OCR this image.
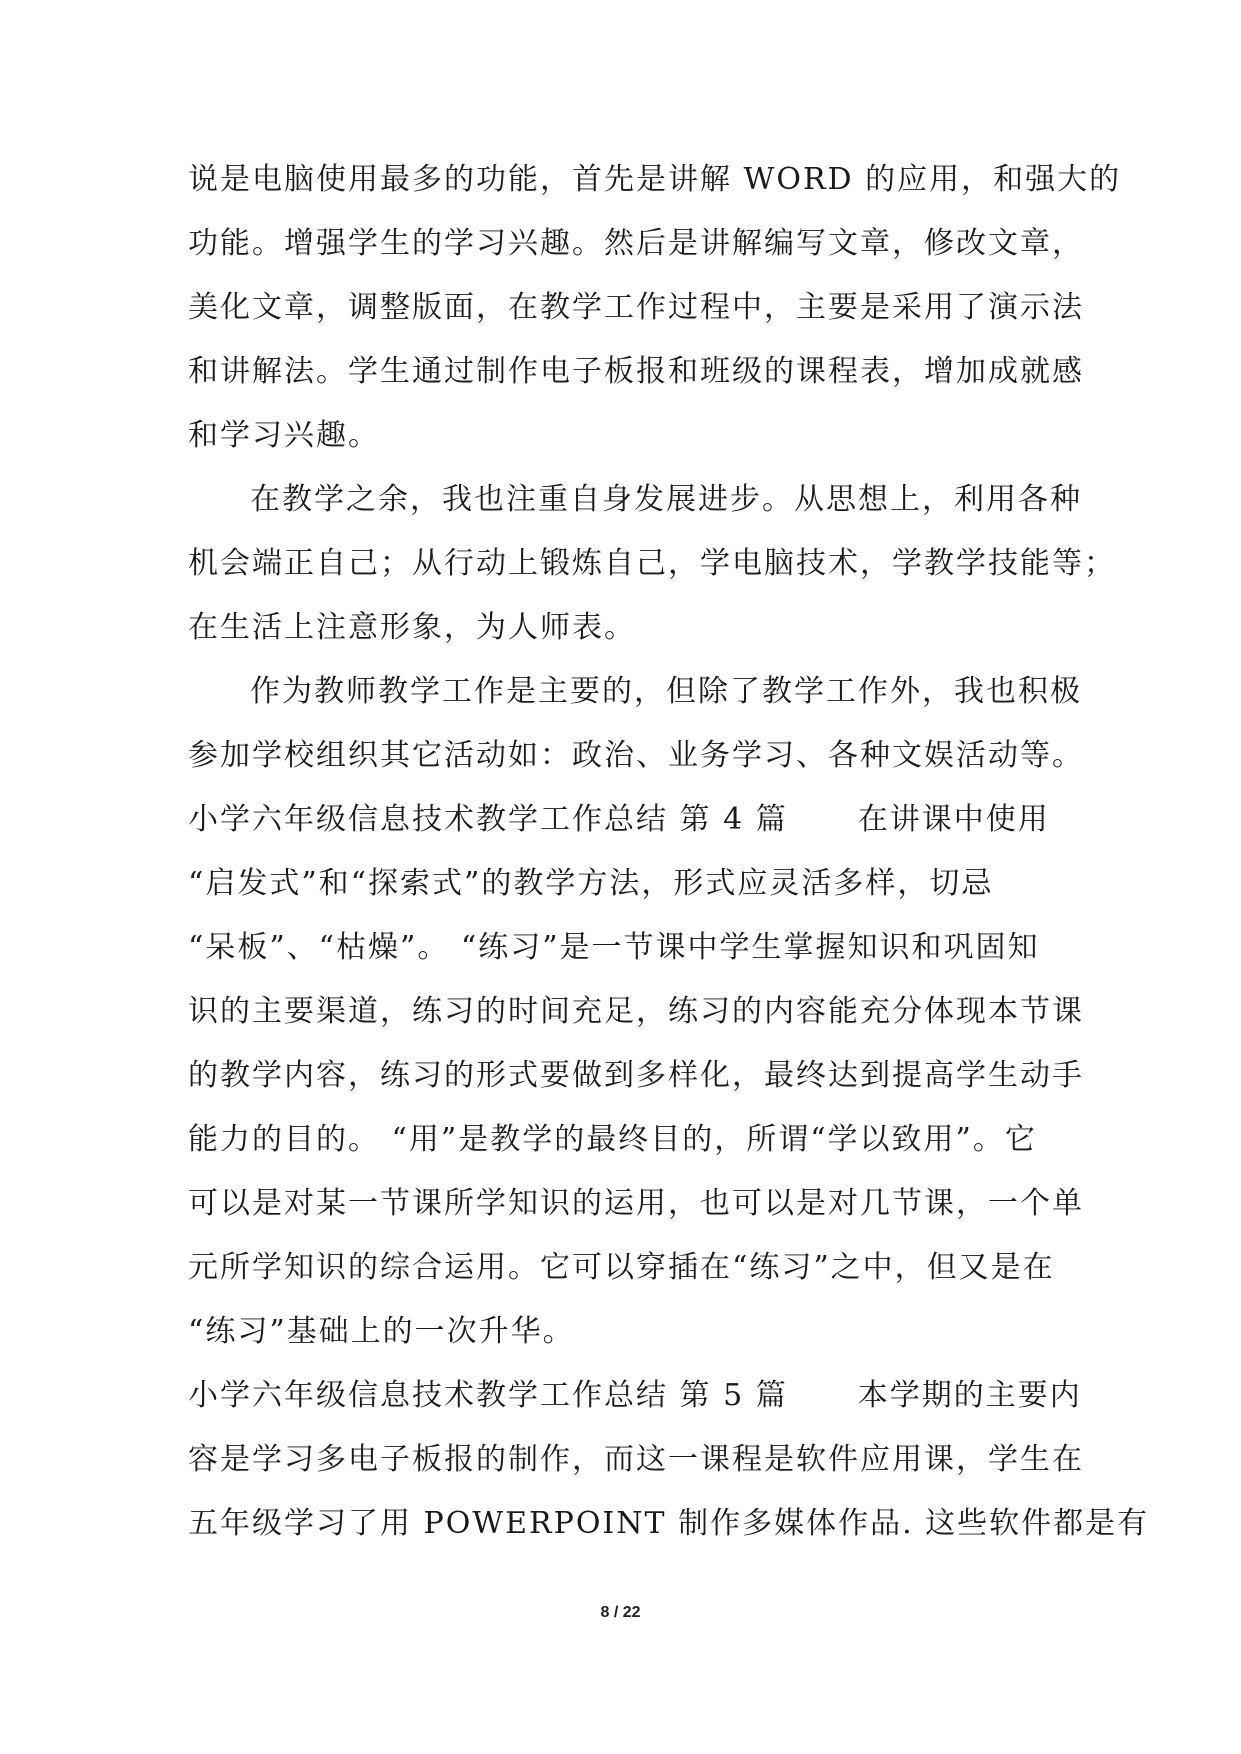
说是电脑使用最多的功能，首先是讲解 WORD 的应用，和强大的
功能。增强学生的学习兴趣。然后是讲解编写文章，修改文章，
美化文章，调整版面，在教学工作过程中，主要是采用了演示法
和讲解法。学生通过制作电子板报和班级的课程表，增加成就感
和学习兴趣。
在教学之余，我也注重自身发展进步。从思想上，利用各种
机会端正自己；从行动上锻炼自己，学电脑技术，学教学技能等；
在生活上注意形象，为人师表。
作为教师教学工作是主要的，但除了教学工作外，我也积极
参加学校组织其它活动如：政治、业务学习、各种文娱活动等。
小学六年级信息技术教学工作总结 第 4 篇 在讲课中使用
“启发式”和“探索式”的教学方法，形式应灵活多样，切忌
“呆板”、“枯燥”。 “练习”是一节课中学生掌握知识和巩固知
识的主要渠道，练习的时间充足，练习的内容能充分体现本节课
的教学内容，练习的形式要做到多样化，最终达到提高学生动手
能力的目的。 “用”是教学的最终目的，所谓“学以致用”。它
可以是对某一节课所学知识的运用，也可以是对几节课，一个单
元所学知识的综合运用。它可以穿插在“练习”之中，但又是在
“练习”基础上的一次升华。
小学六年级信息技术教学工作总结 第 5 篇 本学期的主要内
容是学习多电子板报的制作，而这一课程是软件应用课，学生在
五年级学习了用 POWERPOINT 制作多媒体作品. 这些软件都是有
8 / 22
